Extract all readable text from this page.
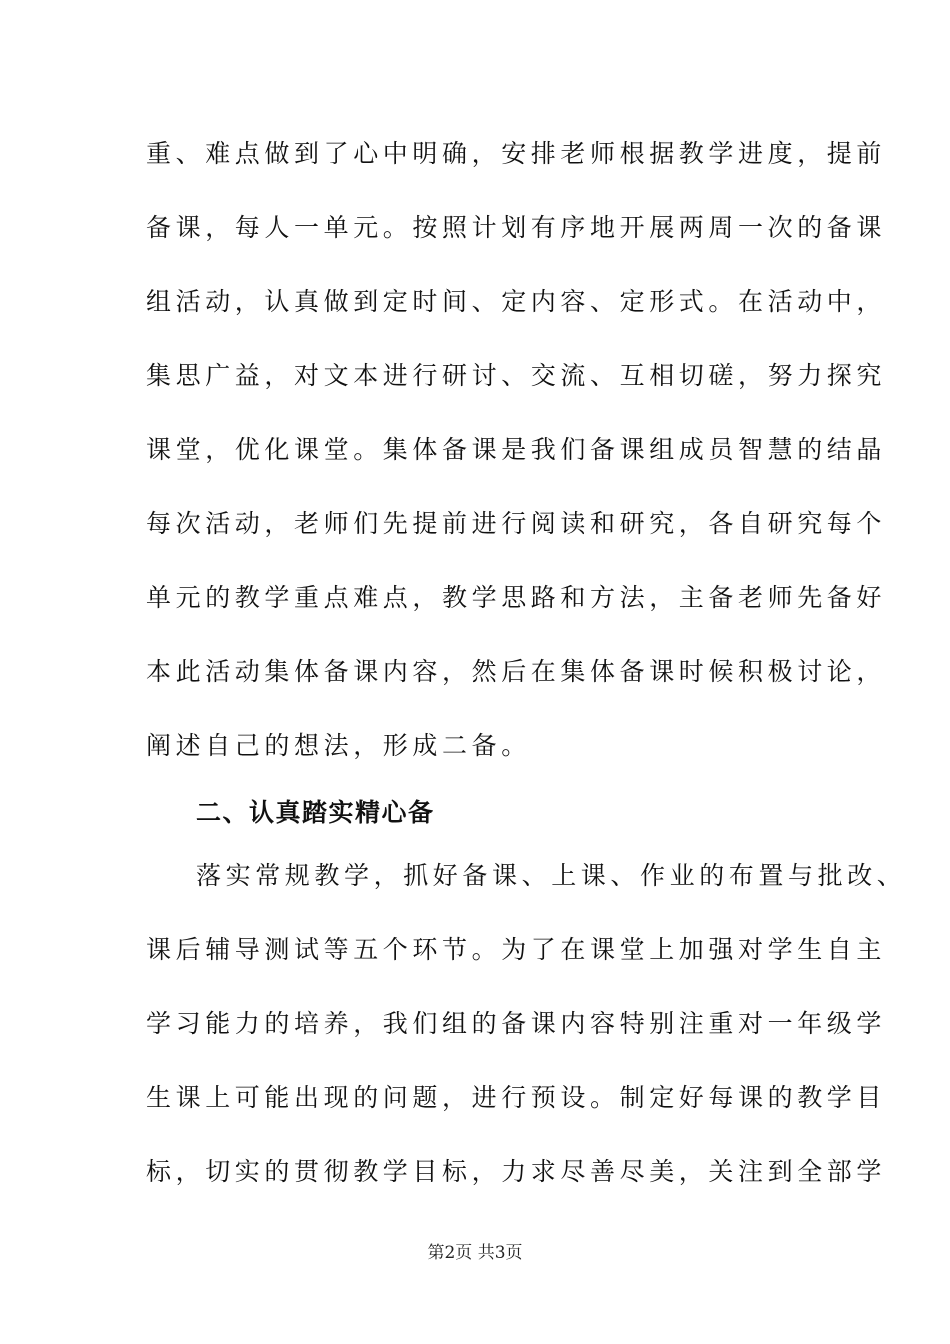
重、难点做到了心中明确，安排老师根据教学进度，提前
备课，每人一单元。按照计划有序地开展两周一次的备课
组活动，认真做到定时间、定内容、定形式。在活动中，
集思广益，对文本进行研讨、交流、互相切磋，努力探究
课堂，优化课堂。集体备课是我们备课组成员智慧的结晶
每次活动，老师们先提前进行阅读和研究，各自研究每个
单元的教学重点难点，教学思路和方法，主备老师先备好
本此活动集体备课内容，然后在集体备课时候积极讨论，
阐述自己的想法，形成二备。
二、认真踏实精心备
落实常规教学，抓好备课、上课、作业的布置与批改、
课后辅导测试等五个环节。为了在课堂上加强对学生自主
学习能力的培养，我们组的备课内容特别注重对一年级学
生课上可能出现的问题，进行预设。制定好每课的教学目
标，切实的贯彻教学目标，力求尽善尽美，关注到全部学
第2页 共3页
